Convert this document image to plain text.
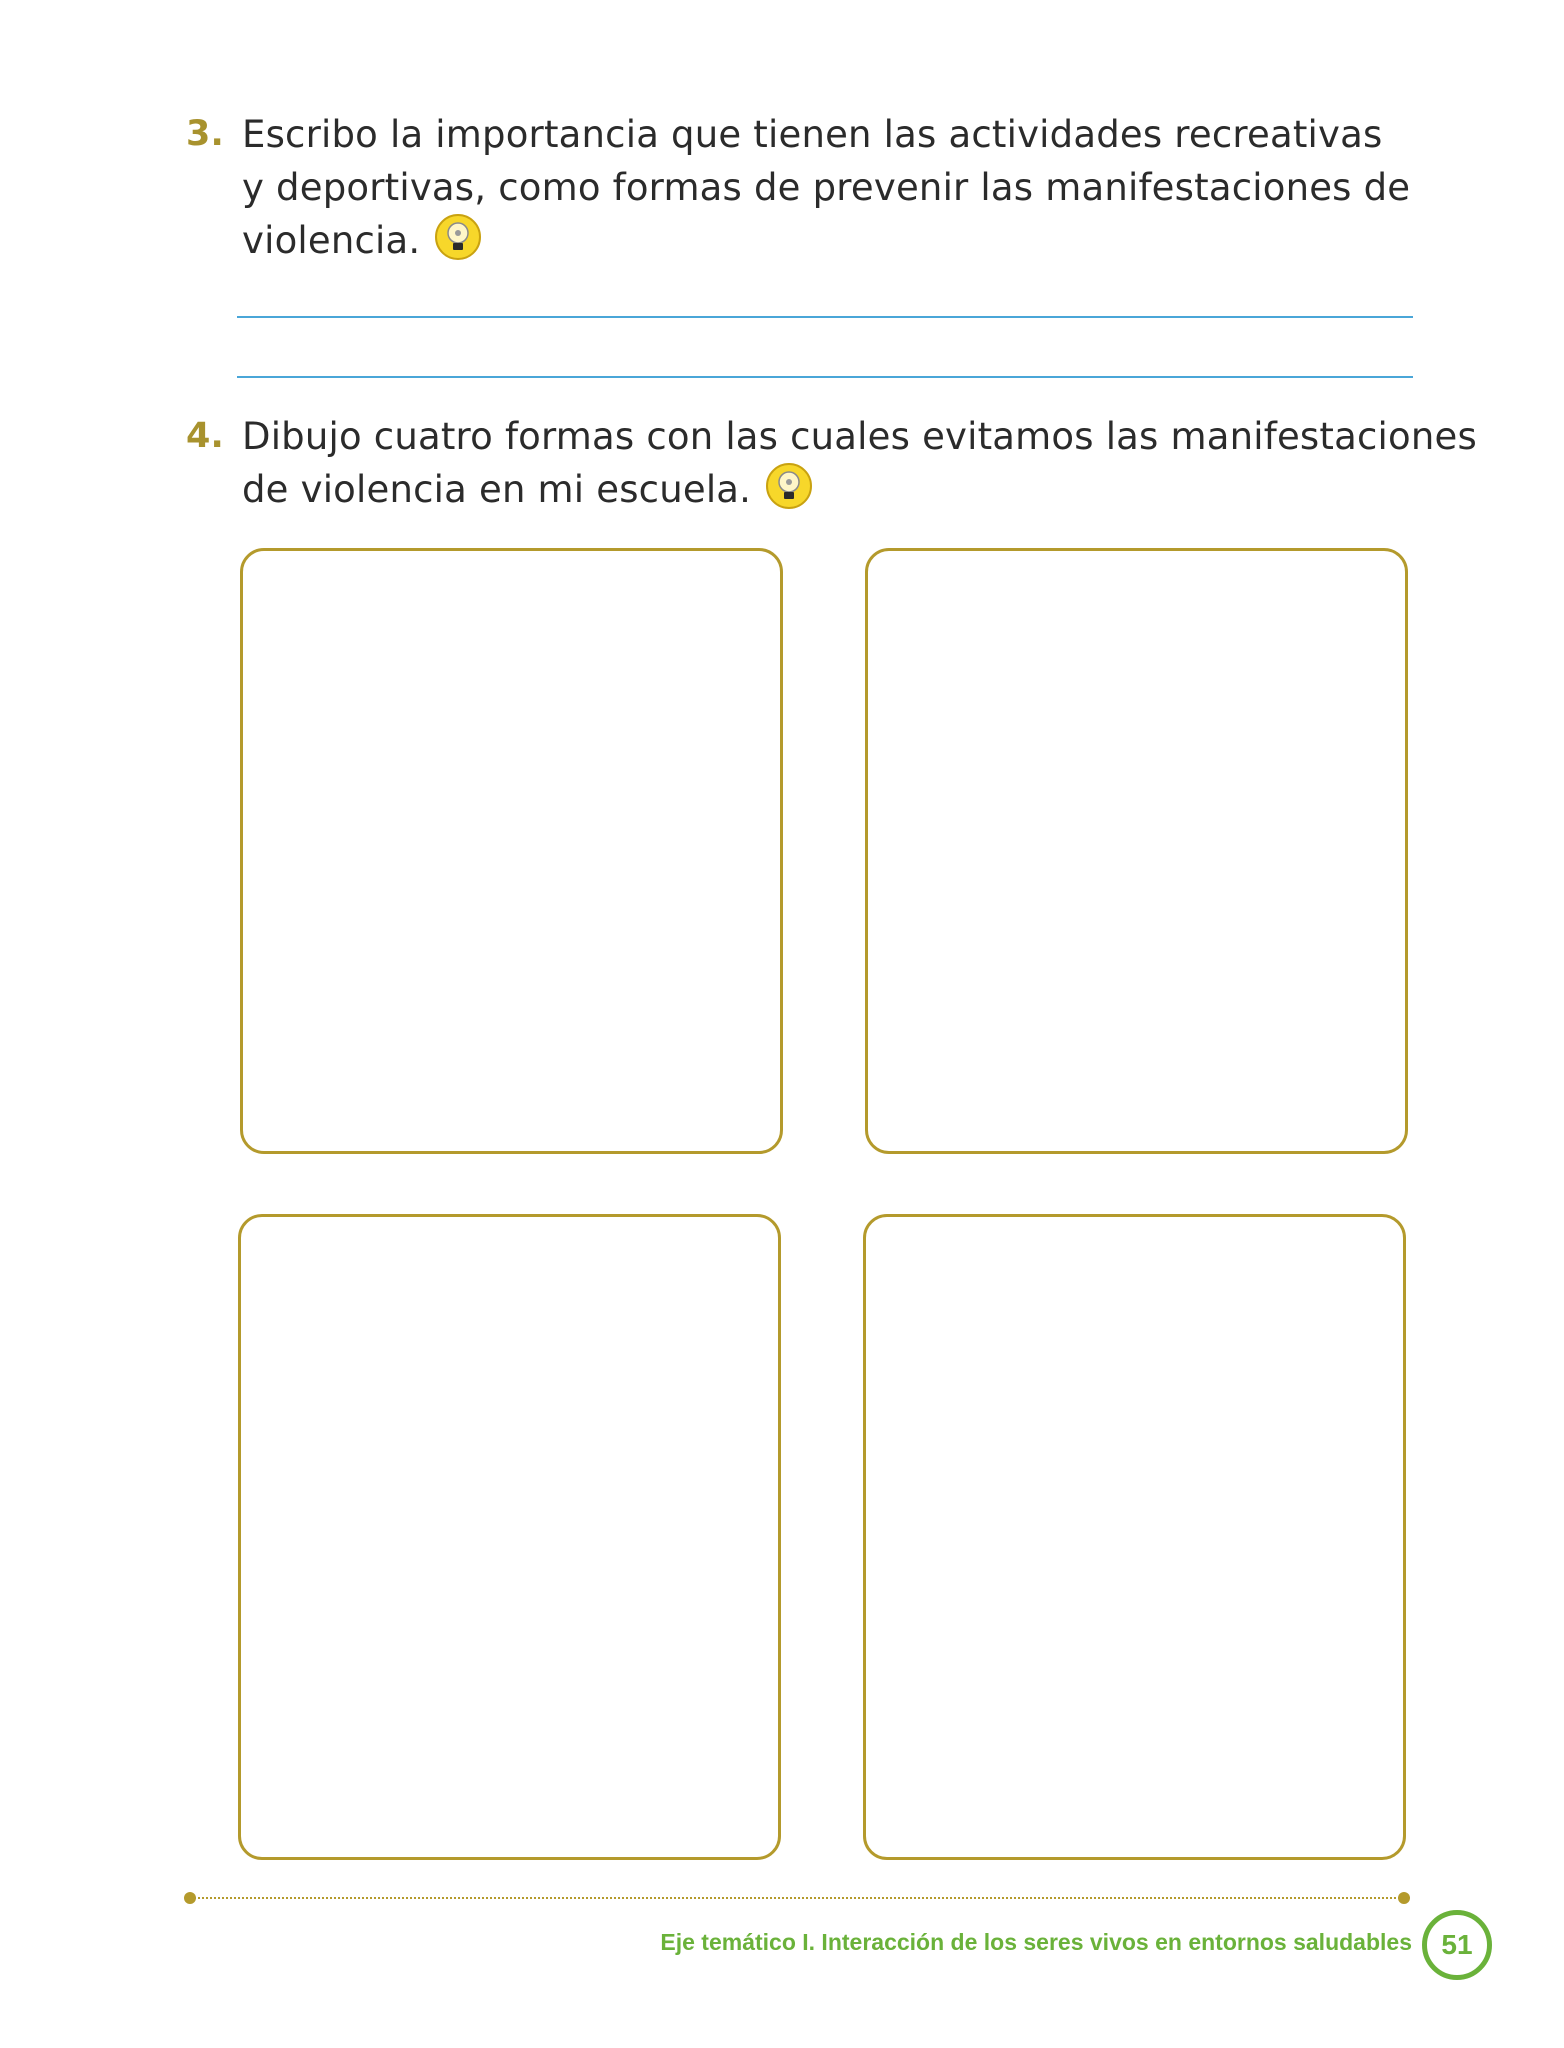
3. Escribo la importancia que tienen las actividades recreativas
y deportivas, como formas de prevenir las manifestaciones de
violencia.
4. Dibujo cuatro formas con las cuales evitamos las manifestaciones
de violencia en mi escuela.
Eje temático I. Interacción de los seres vivos en entornos saludables	51
